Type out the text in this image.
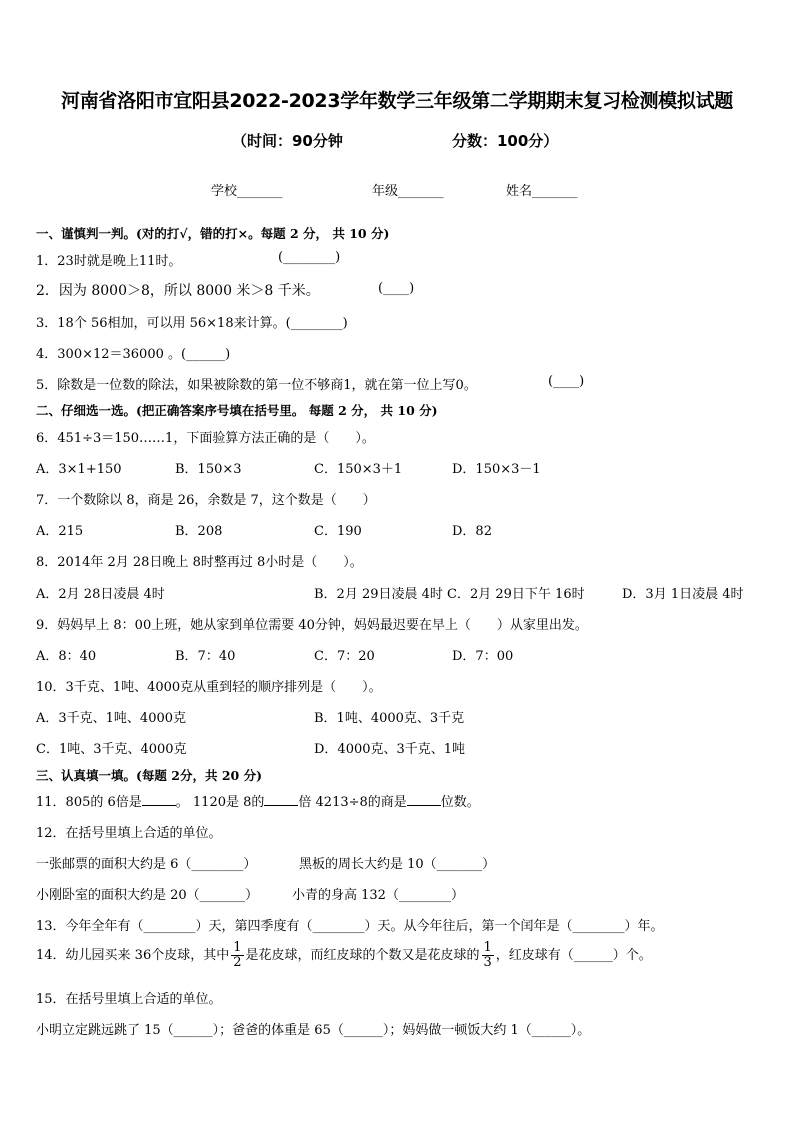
河南省洛阳市宜阳县2022-2023学年数学三年级第二学期期末复习检测模拟试题
（时间：90分钟	分数：100分）
学校_______	年级_______	姓名_______
一、谨慎判一判。(对的打√，错的打×。每题 2 分， 共 10 分)
1．23时就是晚上11时。	(________)
2．因为 8000＞8，所以 8000 米＞8 千米。	(____)
3．18个 56相加，可以用 56×18来计算。(________)
4．300×12＝36000 。(______)
5．除数是一位数的除法，如果被除数的第一位不够商1，就在第一位上写0。	(____)
二、仔细选一选。(把正确答案序号填在括号里。 每题 2 分， 共 10 分)
6．451÷3＝150……1，下面验算方法正确的是（　　）。
A．3×1+150	B．150×3	C．150×3＋1	D．150×3－1
7．一个数除以 8，商是 26，余数是 7，这个数是（　　）
A．215	B．208	C．190	D．82
8．2014年 2月 28日晚上 8时整再过 8小时是（　　）。
A．2月 28日凌晨 4时	B．2月 29日凌晨 4时 C．2月 29日下午 16时	D．3月 1日凌晨 4时
9．妈妈早上 8：00上班，她从家到单位需要 40分钟，妈妈最迟要在早上（　　）从家里出发。
A．8：40	B．7：40	C．7：20	D．7：00
10．3千克、1吨、4000克从重到轻的顺序排列是（　　）。
A．3千克、1吨、4000克	B．1吨、4000克、3千克
C．1吨、3千克、4000克	D．4000克、3千克、1吨
三、认真填一填。(每题 2分，共 20 分)
11．805的 6倍是	。 1120是 8的	倍 4213÷8的商是	位数。
12．在括号里填上合适的单位。
一张邮票的面积大约是 6（________）	黑板的周长大约是 10（_______）
小刚卧室的面积大约是 20（_______）	小青的身高 132（________）
13．今年全年有（________）天，第四季度有（________）天。从今年往后，第一个闰年是（________）年。
14．幼儿园买来 36个皮球，其中 $\frac{1}{2}$ 是花皮球，而红皮球的个数又是花皮球的 $\frac{1}{3}$ ，红皮球有（______）个。
15．在括号里填上合适的单位。
小明立定跳远跳了 15（______）；爸爸的体重是 65（______）；妈妈做一顿饭大约 1（______）。
